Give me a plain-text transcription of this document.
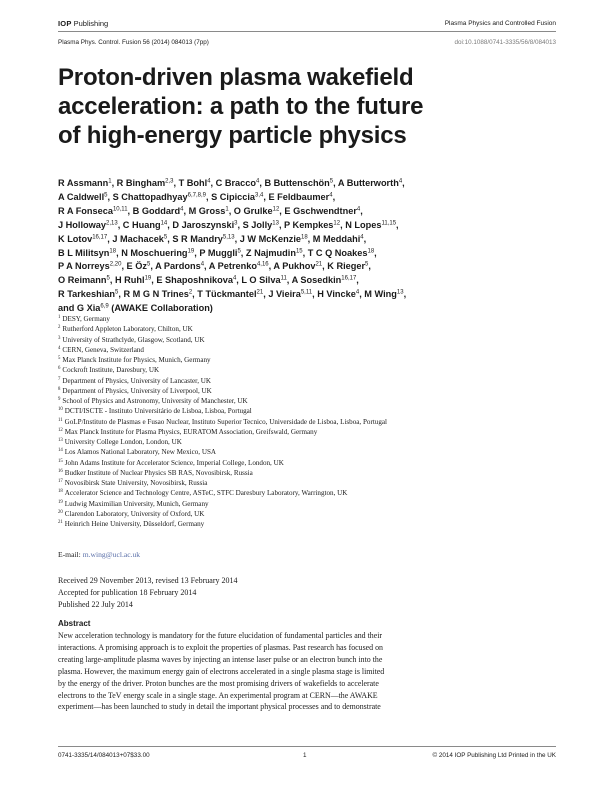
IOP Publishing	Plasma Physics and Controlled Fusion
Plasma Phys. Control. Fusion 56 (2014) 084013 (7pp)	doi:10.1088/0741-3335/56/8/084013
Proton-driven plasma wakefield
acceleration: a path to the future
of high-energy particle physics
R Assmann$^1$, R Bingham$^{2,3}$, T Bohl$^4$, C Bracco$^4$, B Buttenschön$^5$, A Butterworth$^4$,
A Caldwell$^5$, S Chattopadhyay$^{6,7,8,9}$, S Cipiccia$^{3,4}$, E Feldbaumer$^4$,
R A Fonseca$^{10,11}$, B Goddard$^4$, M Gross$^1$, O Grulke$^{12}$, E Gschwendtner$^4$,
J Holloway$^{2,13}$, C Huang$^{14}$, D Jaroszynski$^3$, S Jolly$^{13}$, P Kempkes$^{12}$, N Lopes$^{11,15}$,
K Lotov$^{16,17}$, J Machacek$^5$, S R Mandry$^{5,13}$, J W McKenzie$^{18}$, M Meddahi$^4$,
B L Militsyn$^{18}$, N Moschuering$^{19}$, P Muggli$^5$, Z Najmudin$^{15}$, T C Q Noakes$^{18}$,
P A Norreys$^{2,20}$, E $Öz^5$, A Pardons$^4$, A Petrenko$^{4,16}$, A Pukhov$^{21}$, K Rieger$^5$,
O Reimann$^5$, H Ruhl$^{19}$, E Shaposhnikova$^4$, L O Silva$^{11}$, A Sosedkin$^{16,17}$,
R Tarkeshian$^5$, R M G N Trines$^2$, T Tückmantel$^{21}$, J Vieira$^{5,11}$, H Vincke$^4$, M Wing$^{13}$,
and G Xia$^{6,9}$ (AWAKE Collaboration)
$^1$ DESY, Germany
$^2$ Rutherford Appleton Laboratory, Chilton, UK
$^3$ University of Strathclyde, Glasgow, Scotland, UK
$^4$ CERN, Geneva, Switzerland
$^5$ Max Planck Institute for Physics, Munich, Germany
$^6$ Cockroft Institute, Daresbury, UK
$^7$ Department of Physics, University of Lancaster, UK
$^8$ Department of Physics, University of Liverpool, UK
$^9$ School of Physics and Astronomy, University of Manchester, UK
$^{10}$ DCTI/ISCTE - Instituto Universitário de Lisboa, Lisboa, Portugal
$^{11}$ GoLP/Instituto de Plasmas e Fusao Nuclear, Instituto Superior Tecnico, Universidade de Lisboa, Lisboa, Portugal
$^{12}$ Max Planck Institute for Plasma Physics, EURATOM Association, Greifswald, Germany
$^{13}$ University College London, London, UK
$^{14}$ Los Alamos National Laboratory, New Mexico, USA
$^{15}$ John Adams Institute for Accelerator Science, Imperial College, London, UK
$^{16}$ Budker Institute of Nuclear Physics SB RAS, Novosibirsk, Russia
$^{17}$ Novosibirsk State University, Novosibirsk, Russia
$^{18}$ Accelerator Science and Technology Centre, ASTeC, STFC Daresbury Laboratory, Warrington, UK
$^{19}$ Ludwig Maximilian University, Munich, Germany
$^{20}$ Clarendon Laboratory, University of Oxford, UK
$^{21}$ Heinrich Heine University, Düsseldorf, Germany
E-mail: m.wing@ucl.ac.uk
Received 29 November 2013, revised 13 February 2014
Accepted for publication 18 February 2014
Published 22 July 2014
Abstract
New acceleration technology is mandatory for the future elucidation of fundamental particles and their
interactions. A promising approach is to exploit the properties of plasmas. Past research has focused on
creating large-amplitude plasma waves by injecting an intense laser pulse or an electron bunch into the
plasma. However, the maximum energy gain of electrons accelerated in a single plasma stage is limited
by the energy of the driver. Proton bunches are the most promising drivers of wakefields to accelerate
electrons to the TeV energy scale in a single stage. An experimental program at CERN—the AWAKE
experiment—has been launched to study in detail the important physical processes and to demonstrate
0741-3335/14/084013+07$33.00	1	© 2014 IOP Publishing Ltd Printed in the UK
